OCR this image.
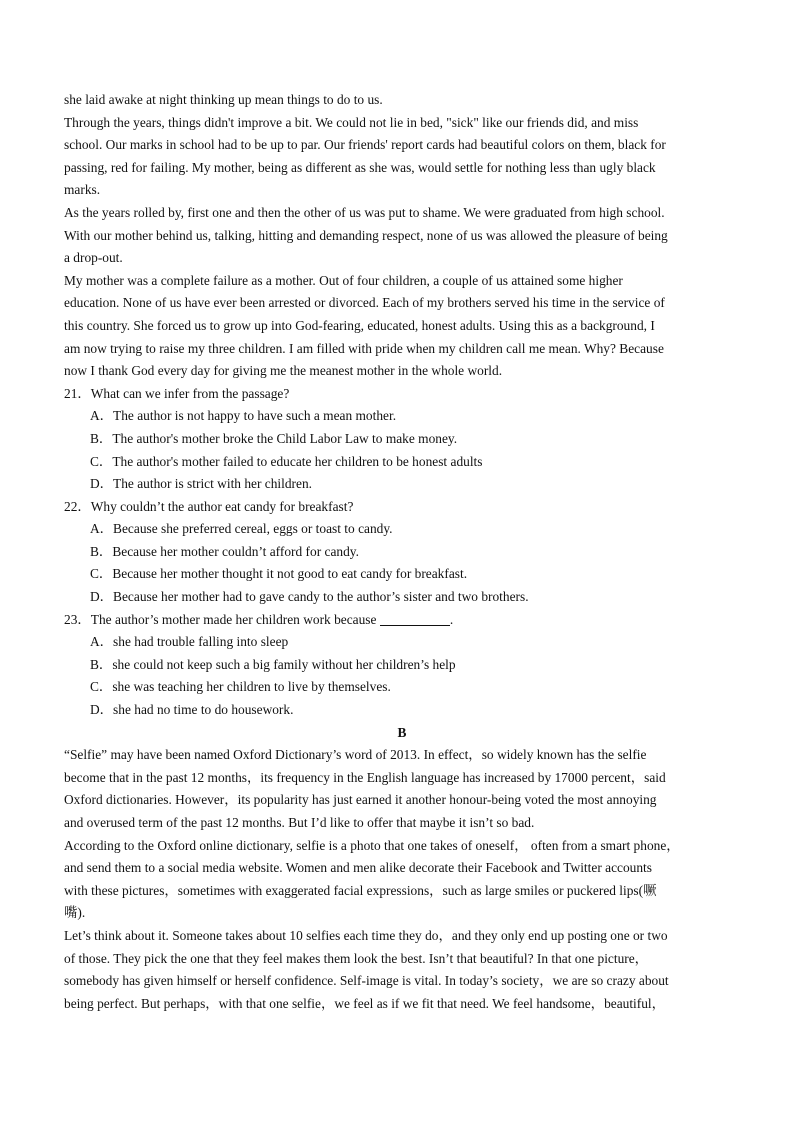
she laid awake at night thinking up mean things to do to us.
Through the years, things didn't improve a bit. We could not lie in bed, "sick" like our friends did, and miss
school. Our marks in school had to be up to par. Our friends' report cards had beautiful colors on them, black for
passing, red for failing. My mother, being as different as she was, would settle for nothing less than ugly black
marks.
As the years rolled by, first one and then the other of us was put to shame. We were graduated from high school.
With our mother behind us, talking, hitting and demanding respect, none of us was allowed the pleasure of being
a drop-out.
My mother was a complete failure as a mother. Out of four children, a couple of us attained some higher
education. None of us have ever been arrested or divorced. Each of my brothers served his time in the service of
this country. She forced us to grow up into God-fearing, educated, honest adults. Using this as a background, I
am now trying to raise my three children. I am filled with pride when my children call me mean. Why? Because
now I thank God every day for giving me the meanest mother in the whole world.
21．What can we infer from the passage?
A．The author is not happy to have such a mean mother.
B．The author's mother broke the Child Labor Law to make money.
C．The author's mother failed to educate her children to be honest adults
D．The author is strict with her children.
22．Why couldn’t the author eat candy for breakfast?
A．Because she preferred cereal, eggs or toast to candy.
B．Because her mother couldn’t afford for candy.
C．Because her mother thought it not good to eat candy for breakfast.
D．Because her mother had to gave candy to the author’s sister and two brothers.
23．The author’s mother made her children work because	.
A．she had trouble falling into sleep
B．she could not keep such a big family without her children’s help
C．she was teaching her children to live by themselves.
D．she had no time to do housework.
B
“Selfie” may have been named Oxford Dictionary’s word of 2013. In effect，so widely known has the selfie
become that in the past 12 months，its frequency in the English language has increased by 17000 percent，said
Oxford dictionaries. However，its popularity has just earned it another honour-being voted the most annoying
and overused term of the past 12 months. But I’d like to offer that maybe it isn’t so bad.
According to the Oxford online dictionary, selfie is a photo that one takes of oneself， often from a smart phone，
and send them to a social media website. Women and men alike decorate their Facebook and Twitter accounts
with these pictures，sometimes with exaggerated facial expressions，such as large smiles or puckered lips(噘
嘴).
Let’s think about it. Someone takes about 10 selfies each time they do，and they only end up posting one or two
of those. They pick the one that they feel makes them look the best. Isn’t that beautiful? In that one picture，
somebody has given himself or herself confidence. Self-image is vital. In today’s society，we are so crazy about
being perfect. But perhaps，with that one selfie，we feel as if we fit that need. We feel handsome，beautiful，
